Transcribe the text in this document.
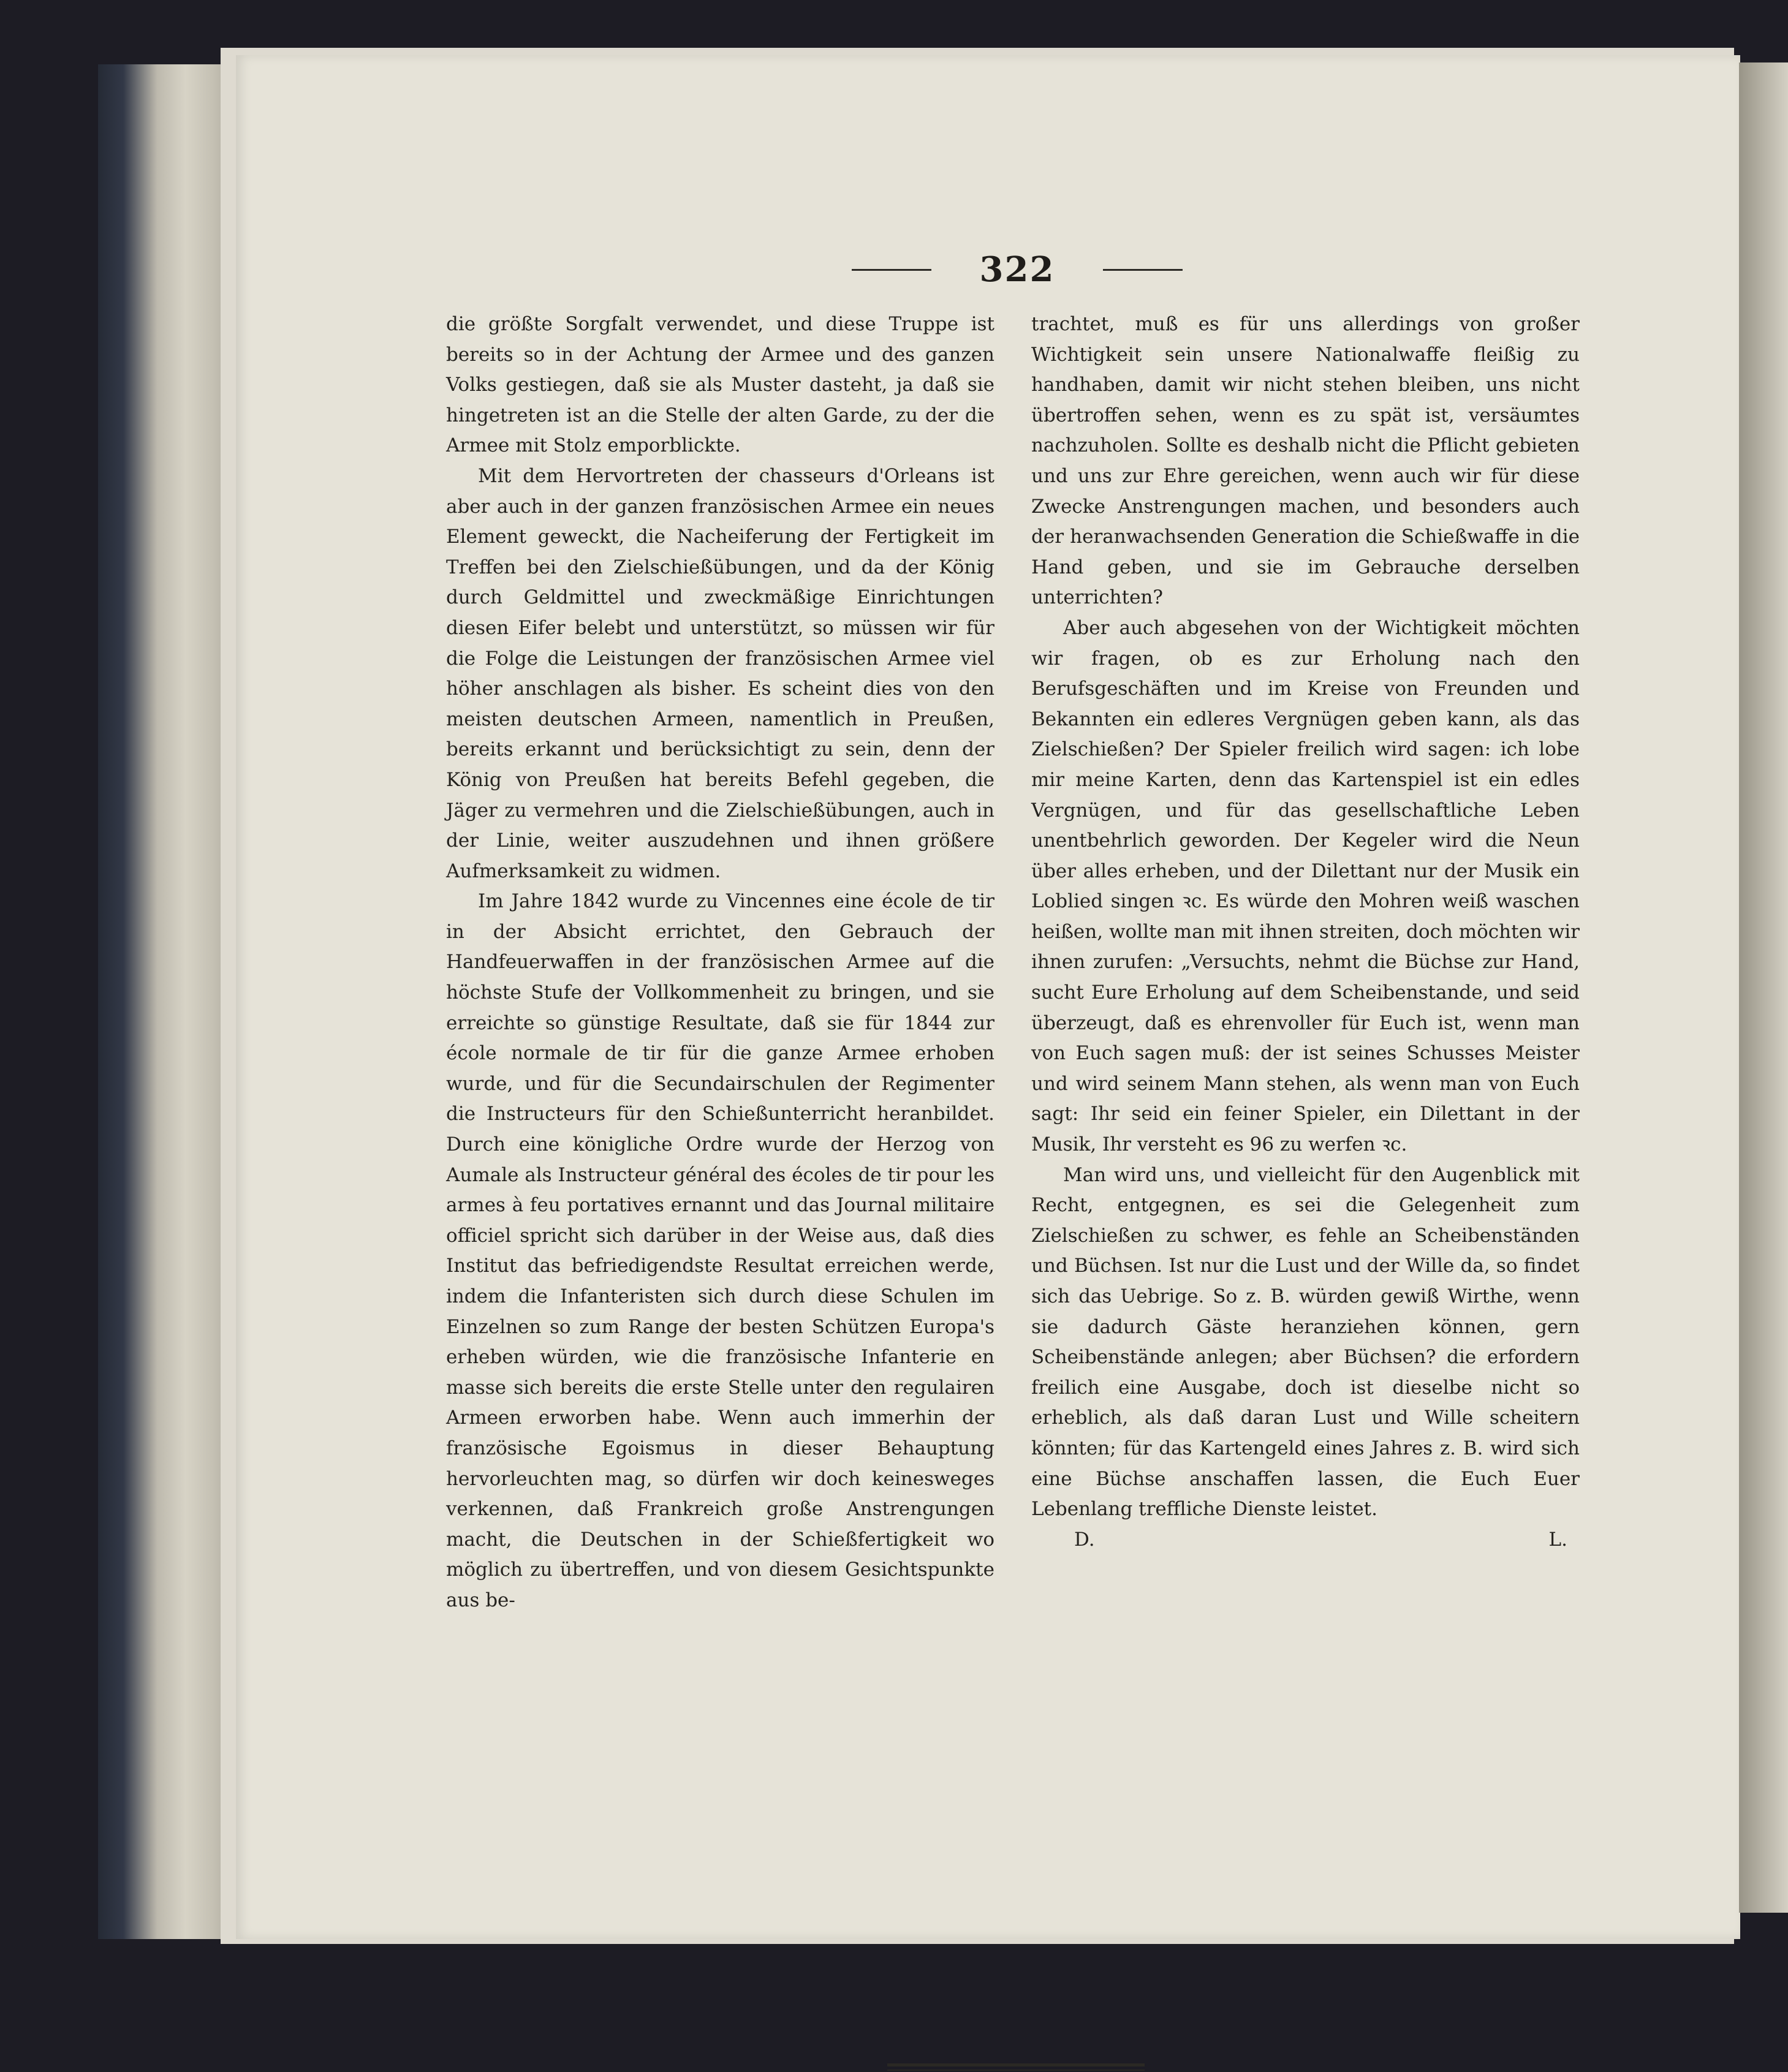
322

die größte Sorgfalt verwendet, und diese Truppe ist bereits so in der Achtung der Armee und des ganzen Volks gestiegen, daß sie als Muster dasteht, ja daß sie hingetreten ist an die Stelle der alten Garde, zu der die Armee mit Stolz emporblickte.

Mit dem Hervortreten der chasseurs d'Orleans ist aber auch in der ganzen französischen Armee ein neues Element geweckt, die Nacheiferung der Fertigkeit im Treffen bei den Zielschießübungen, und da der König durch Geldmittel und zweckmäßige Einrichtungen diesen Eifer belebt und unterstützt, so müssen wir für die Folge die Leistungen der französischen Armee viel höher anschlagen als bisher. Es scheint dies von den meisten deutschen Armeen, namentlich in Preußen, bereits erkannt und berücksichtigt zu sein, denn der König von Preußen hat bereits Befehl gegeben, die Jäger zu vermehren und die Zielschießübungen, auch in der Linie, weiter auszudehnen und ihnen größere Aufmerksamkeit zu widmen.

Im Jahre 1842 wurde zu Vincennes eine école de tir in der Absicht errichtet, den Gebrauch der Handfeuerwaffen in der französischen Armee auf die höchste Stufe der Vollkommenheit zu bringen, und sie erreichte so günstige Resultate, daß sie für 1844 zur école normale de tir für die ganze Armee erhoben wurde, und für die Secundairschulen der Regimenter die Instructeurs für den Schießunterricht heranbildet. Durch eine königliche Ordre wurde der Herzog von Aumale als Instructeur général des écoles de tir pour les armes à feu portatives ernannt und das Journal militaire officiel spricht sich darüber in der Weise aus, daß dies Institut das befriedigendste Resultat erreichen werde, indem die Infanteristen sich durch diese Schulen im Einzelnen so zum Range der besten Schützen Europa's erheben würden, wie die französische Infanterie en masse sich bereits die erste Stelle unter den regulairen Armeen erworben habe. Wenn auch immerhin der französische Egoismus in dieser Behauptung hervorleuchten mag, so dürfen wir doch keinesweges verkennen, daß Frankreich große Anstrengungen macht, die Deutschen in der Schießfertigkeit wo möglich zu übertreffen, und von diesem Gesichtspunkte aus be-

trachtet, muß es für uns allerdings von großer Wichtigkeit sein unsere Nationalwaffe fleißig zu handhaben, damit wir nicht stehen bleiben, uns nicht übertroffen sehen, wenn es zu spät ist, versäumtes nachzuholen. Sollte es deshalb nicht die Pflicht gebieten und uns zur Ehre gereichen, wenn auch wir für diese Zwecke Anstrengungen machen, und besonders auch der heranwachsenden Generation die Schießwaffe in die Hand geben, und sie im Gebrauche derselben unterrichten?

Aber auch abgesehen von der Wichtigkeit möchten wir fragen, ob es zur Erholung nach den Berufsgeschäften und im Kreise von Freunden und Bekannten ein edleres Vergnügen geben kann, als das Zielschießen? Der Spieler freilich wird sagen: ich lobe mir meine Karten, denn das Kartenspiel ist ein edles Vergnügen, und für das gesellschaftliche Leben unentbehrlich geworden. Der Kegeler wird die Neun über alles erheben, und der Dilettant nur der Musik ein Loblied singen ꝛc. Es würde den Mohren weiß waschen heißen, wollte man mit ihnen streiten, doch möchten wir ihnen zurufen: „Versuchts, nehmt die Büchse zur Hand, sucht Eure Erholung auf dem Scheibenstande, und seid überzeugt, daß es ehrenvoller für Euch ist, wenn man von Euch sagen muß: der ist seines Schusses Meister und wird seinem Mann stehen, als wenn man von Euch sagt: Ihr seid ein feiner Spieler, ein Dilettant in der Musik, Ihr versteht es 96 zu werfen ꝛc.

Man wird uns, und vielleicht für den Augenblick mit Recht, entgegnen, es sei die Gelegenheit zum Zielschießen zu schwer, es fehle an Scheibenständen und Büchsen. Ist nur die Lust und der Wille da, so findet sich das Uebrige. So z. B. würden gewiß Wirthe, wenn sie dadurch Gäste heranziehen können, gern Scheibenstände anlegen; aber Büchsen? die erfordern freilich eine Ausgabe, doch ist dieselbe nicht so erheblich, als daß daran Lust und Wille scheitern könnten; für das Kartengeld eines Jahres z. B. wird sich eine Büchse anschaffen lassen, die Euch Euer Lebenlang treffliche Dienste leistet.

D.	L.
